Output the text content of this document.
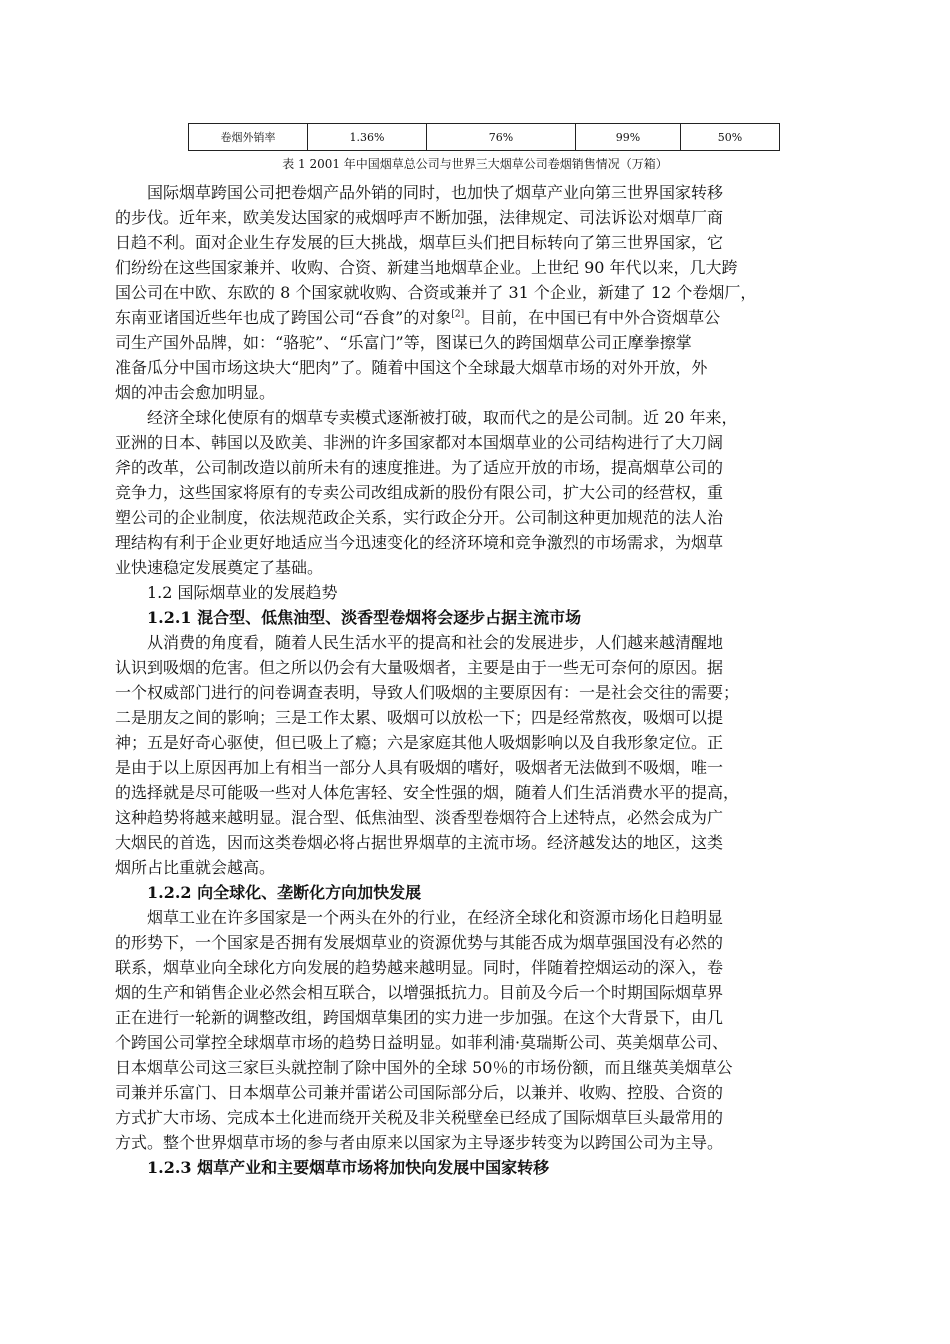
卷烟外销率	1.36%	76%	99%	50%
表 1 2001 年中国烟草总公司与世界三大烟草公司卷烟销售情况（万箱）
　　国际烟草跨国公司把卷烟产品外销的同时，也加快了烟草产业向第三世界国家转移
的步伐。近年来，欧美发达国家的戒烟呼声不断加强，法律规定、司法诉讼对烟草厂商
日趋不利。面对企业生存发展的巨大挑战，烟草巨头们把目标转向了第三世界国家，它
们纷纷在这些国家兼并、收购、合资、新建当地烟草企业。上世纪 90 年代以来，几大跨
国公司在中欧、东欧的 8 个国家就收购、合资或兼并了 31 个企业，新建了 12 个卷烟厂，
东南亚诸国近些年也成了跨国公司“吞食”的对象[2]。目前，在中国已有中外合资烟草公
司生产国外品牌，如：“骆驼”、“乐富门”等，图谋已久的跨国烟草公司正摩拳擦掌
准备瓜分中国市场这块大“肥肉”了。随着中国这个全球最大烟草市场的对外开放，外
烟的冲击会愈加明显。
　　经济全球化使原有的烟草专卖模式逐渐被打破，取而代之的是公司制。近 20 年来，
亚洲的日本、韩国以及欧美、非洲的许多国家都对本国烟草业的公司结构进行了大刀阔
斧的改革，公司制改造以前所未有的速度推进。为了适应开放的市场，提高烟草公司的
竞争力，这些国家将原有的专卖公司改组成新的股份有限公司，扩大公司的经营权，重
塑公司的企业制度，依法规范政企关系，实行政企分开。公司制这种更加规范的法人治
理结构有利于企业更好地适应当今迅速变化的经济环境和竞争激烈的市场需求，为烟草
业快速稳定发展奠定了基础。
　　1.2 国际烟草业的发展趋势
　　1.2.1 混合型、低焦油型、淡香型卷烟将会逐步占据主流市场
　　从消费的角度看，随着人民生活水平的提高和社会的发展进步，人们越来越清醒地
认识到吸烟的危害。但之所以仍会有大量吸烟者，主要是由于一些无可奈何的原因。据
一个权威部门进行的问卷调查表明，导致人们吸烟的主要原因有：一是社会交往的需要；
二是朋友之间的影响；三是工作太累、吸烟可以放松一下；四是经常熬夜，吸烟可以提
神；五是好奇心驱使，但已吸上了瘾；六是家庭其他人吸烟影响以及自我形象定位。正
是由于以上原因再加上有相当一部分人具有吸烟的嗜好，吸烟者无法做到不吸烟，唯一
的选择就是尽可能吸一些对人体危害轻、安全性强的烟，随着人们生活消费水平的提高，
这种趋势将越来越明显。混合型、低焦油型、淡香型卷烟符合上述特点，必然会成为广
大烟民的首选，因而这类卷烟必将占据世界烟草的主流市场。经济越发达的地区，这类
烟所占比重就会越高。
　　1.2.2 向全球化、垄断化方向加快发展
　　烟草工业在许多国家是一个两头在外的行业，在经济全球化和资源市场化日趋明显
的形势下，一个国家是否拥有发展烟草业的资源优势与其能否成为烟草强国没有必然的
联系，烟草业向全球化方向发展的趋势越来越明显。同时，伴随着控烟运动的深入，卷
烟的生产和销售企业必然会相互联合，以增强抵抗力。目前及今后一个时期国际烟草界
正在进行一轮新的调整改组，跨国烟草集团的实力进一步加强。在这个大背景下，由几
个跨国公司掌控全球烟草市场的趋势日益明显。如菲利浦·莫瑞斯公司、英美烟草公司、
日本烟草公司这三家巨头就控制了除中国外的全球 50％的市场份额，而且继英美烟草公
司兼并乐富门、日本烟草公司兼并雷诺公司国际部分后，以兼并、收购、控股、合资的
方式扩大市场、完成本土化进而绕开关税及非关税壁垒已经成了国际烟草巨头最常用的
方式。整个世界烟草市场的参与者由原来以国家为主导逐步转变为以跨国公司为主导。
　　1.2.3 烟草产业和主要烟草市场将加快向发展中国家转移
